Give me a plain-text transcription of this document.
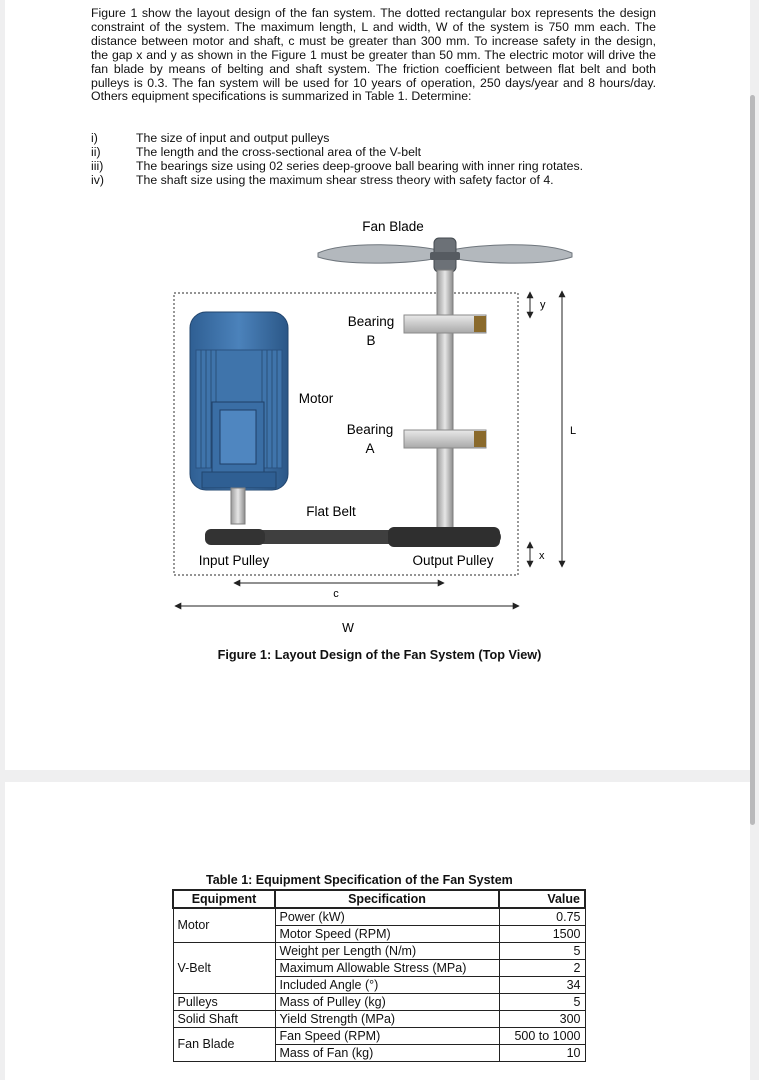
Figure 1 show the layout design of the fan system. The dotted rectangular box represents the design constraint of the system. The maximum length, L and width, W of the system is 750 mm each. The distance between motor and shaft, c must be greater than 300 mm. To increase safety in the design, the gap x and y as shown in the Figure 1 must be greater than 50 mm. The electric motor will drive the fan blade by means of belting and shaft system. The friction coefficient between flat belt and both pulleys is 0.3. The fan system will be used for 10 years of operation, 250 days/year and 8 hours/day. Others equipment specifications is summarized in Table 1. Determine:

i)	The size of input and output pulleys
ii)	The length and the cross-sectional area of the V-belt
iii)	The bearings size using 02 series deep-groove ball bearing with inner ring rotates.
iv)	The shaft size using the maximum shear stress theory with safety factor of 4.
Fan Blade
Bearing
B
Motor
Bearing
A
Flat Belt
Input Pulley	Output Pulley
y
L
x
c
W
Figure 1: Layout Design of the Fan System (Top View)
Table 1: Equipment Specification of the Fan System
Equipment	Specification	Value
Motor	Power (kW)	0.75
	Motor Speed (RPM)	1500
V-Belt	Weight per Length (N/m)	5
	Maximum Allowable Stress (MPa)	2
	Included Angle (°)	34
Pulleys	Mass of Pulley (kg)	5
Solid Shaft	Yield Strength (MPa)	300
Fan Blade	Fan Speed (RPM)	500 to 1000
	Mass of Fan (kg)	10
